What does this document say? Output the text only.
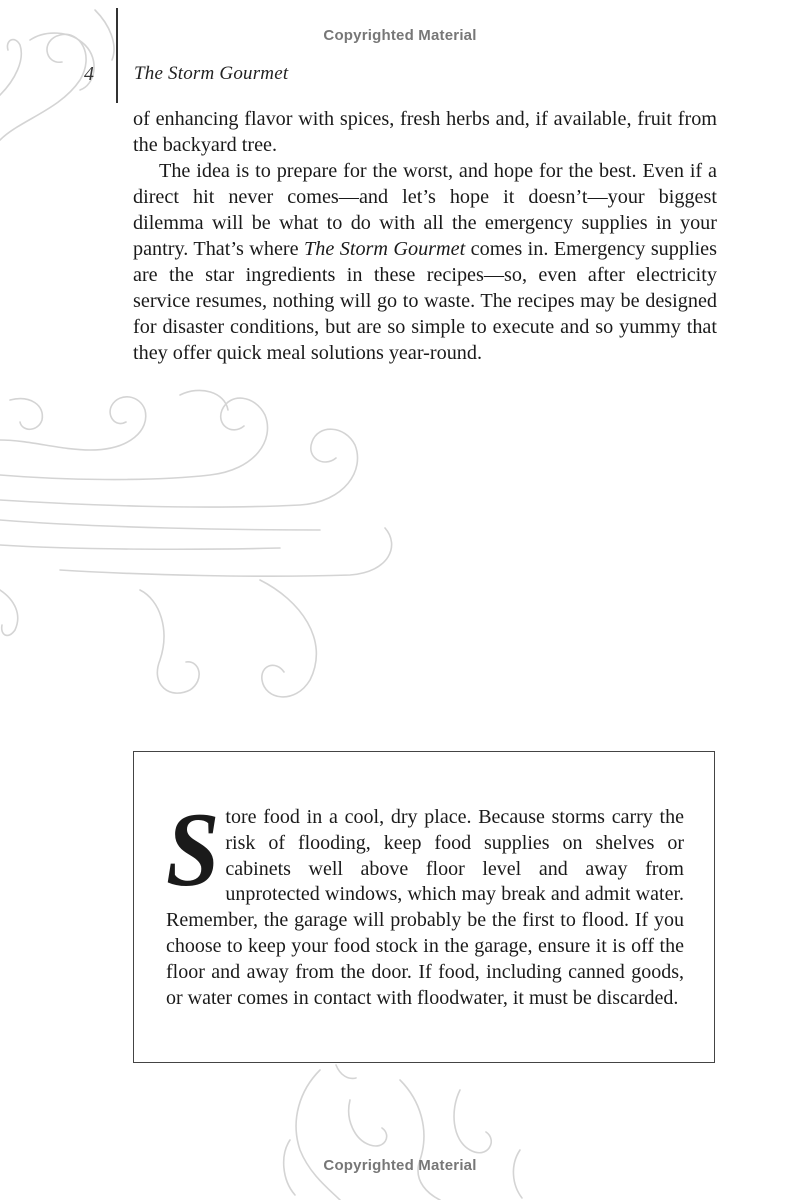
Copyrighted Material
4 The Storm Gourmet

of enhancing flavor with spices, fresh herbs and, if available, fruit from the backyard tree.

The idea is to prepare for the worst, and hope for the best. Even if a direct hit never comes—and let’s hope it doesn’t—your biggest dilemma will be what to do with all the emergency supplies in your pantry. That’s where The Storm Gourmet comes in. Emergency supplies are the star ingredients in these recipes—so, even after electricity service resumes, nothing will go to waste. The recipes may be designed for disaster conditions, but are so simple to execute and so yummy that they offer quick meal solutions year-round.

Store food in a cool, dry place. Because storms carry the risk of flooding, keep food supplies on shelves or cabinets well above floor level and away from unprotected windows, which may break and admit water. Remember, the garage will probably be the first to flood. If you choose to keep your food stock in the garage, ensure it is off the floor and away from the door. If food, including canned goods, or water comes in contact with floodwater, it must be discarded.
Copyrighted Material
